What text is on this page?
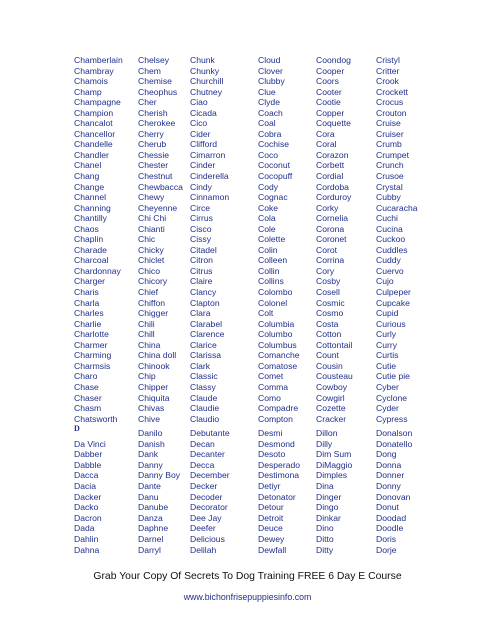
Chamberlain
Chambray
Chamois
Champ
Champagne
Champion
Chancalot
Chancellor
Chandelle
Chandler
Chanel
Chang
Change
Channel
Channing
Chantilly
Chaos
Chaplin
Charade
Charcoal
Chardonnay
Charger
Charis
Charla
Charles
Charlie
Charlotte
Charmer
Charming
Charmsis
Charo
Chase
Chaser
Chasm
Chatsworth
Chelsey
Chem
Chemise
Cheophus
Cher
Cherish
Cherokee
Cherry
Cherub
Chessie
Chester
Chestnut
Chewbacca
Chewy
Cheyenne
Chi Chi
Chianti
Chic
Chicky
Chiclet
Chico
Chicory
Chief
Chiffon
Chigger
Chili
Chill
China
China doll
Chinook
Chip
Chipper
Chiquita
Chivas
Chive
Chunk
Chunky
Churchill
Chutney
Ciao
Cicada
Cico
Cider
Clifford
Cimarron
Cinder
Cinderella
Cindy
Cinnamon
Circe
Cirrus
Cisco
Cissy
Citadel
Citron
Citrus
Claire
Clancy
Clapton
Clara
Clarabel
Clarence
Clarice
Clarissa
Clark
Classic
Classy
Claude
Claudie
Claudio
Cloud
Clover
Clubby
Clue
Clyde
Coach
Coal
Cobra
Cochise
Coco
Coconut
Cocopuff
Cody
Cognac
Coke
Cola
Cole
Colette
Colin
Colleen
Collin
Collins
Colombo
Colonel
Colt
Columbia
Columbo
Columbus
Comanche
Comatose
Comet
Comma
Como
Compadre
Compton
Coondog
Cooper
Coors
Cooter
Cootie
Copper
Coquette
Cora
Coral
Corazon
Corbett
Cordial
Cordoba
Corduroy
Corky
Cornelia
Corona
Coronet
Corot
Corrina
Cory
Cosby
Cosell
Cosmic
Cosmo
Costa
Cotton
Cottontail
Count
Cousin
Cousteau
Cowboy
Cowgirl
Cozette
Cracker
Cristyl
Critter
Crook
Crockett
Crocus
Crouton
Cruise
Cruiser
Crumb
Crumpet
Crunch
Crusoe
Crystal
Cubby
Cucaracha
Cuchi
Cucina
Cuckoo
Cuddles
Cuddy
Cuervo
Cujo
Culpeper
Cupcake
Cupid
Curious
Curly
Curry
Curtis
Cutie
Cutie pie
Cyber
Cyclone
Cyder
Cypress
D

Da Vinci
Dabber
Dabble
Dacca
Dacia
Dacker
Dacko
Dacron
Dada
Dahlin
Dahna
Danilo
Danish
Dank
Danny
Danny Boy
Dante
Danu
Danube
Danza
Daphne
Darnel
Darryl
Debutante
Decan
Decanter
Decca
December
Decker
Decoder
Decorator
Dee Jay
Deefer
Delicious
Delilah
Desmi
Desmond
Desoto
Desperado
Destimona
Detiyr
Detonator
Detour
Detroit
Deuce
Dewey
Dewfall
Dillon
Dilly
Dim Sum
DiMaggio
Dimples
Dina
Dinger
Dingo
Dinkar
Dino
Ditto
Ditty
Donalson
Donatello
Dong
Donna
Donner
Donny
Donovan
Donut
Doodad
Doodle
Doris
Dorje
Grab Your Copy Of Secrets To Dog Training FREE 6 Day E Course
www.bichonfrisepuppiesinfo.com
